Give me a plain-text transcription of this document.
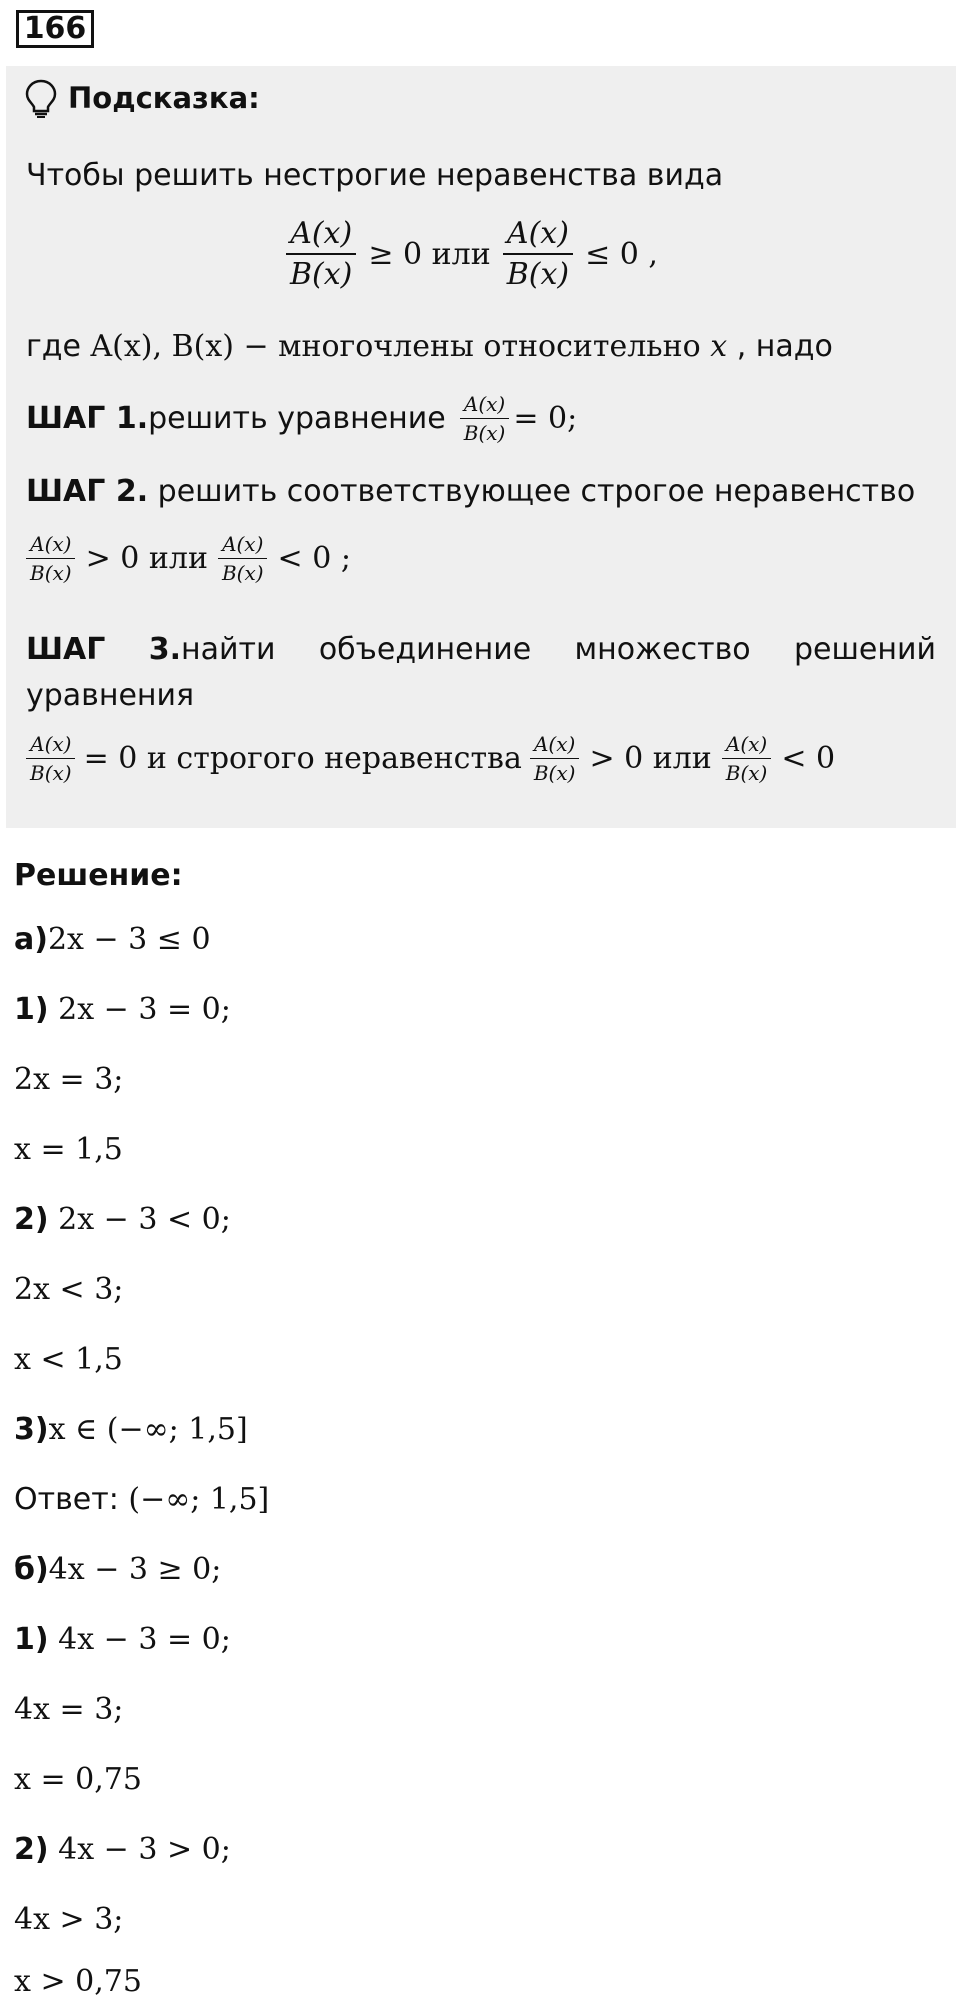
166
Подсказка:
Чтобы решить нестрогие неравенства вида
$\frac{A(x)}{B(x)} \ge 0$ или $\frac{A(x)}{B(x)} \le 0$ ,
где A(x), B(x) − многочлены относительно x , надо
ШАГ 1. решить уравнение $\frac{A(x)}{B(x)} = 0$;
ШАГ 2. решить соответствующее строгое неравенство
$\frac{A(x)}{B(x)} > 0$ или $\frac{A(x)}{B(x)} < 0$ ;
ШАГ 3.найти объединение множество решений
уравнения
$\frac{A(x)}{B(x)} = 0$ и строгого неравенства $\frac{A(x)}{B(x)} > 0$ или $\frac{A(x)}{B(x)} < 0$
Решение:
а)2x − 3 ≤ 0
1) 2x − 3 = 0;
2x = 3;
x = 1,5
2) 2x − 3 < 0;
2x < 3;
x < 1,5
3)x ∈ (−∞; 1,5]
Ответ: (−∞; 1,5]
б)4x − 3 ≥ 0;
1) 4x − 3 = 0;
4x = 3;
x = 0,75
2) 4x − 3 > 0;
4x > 3;
x > 0,75
